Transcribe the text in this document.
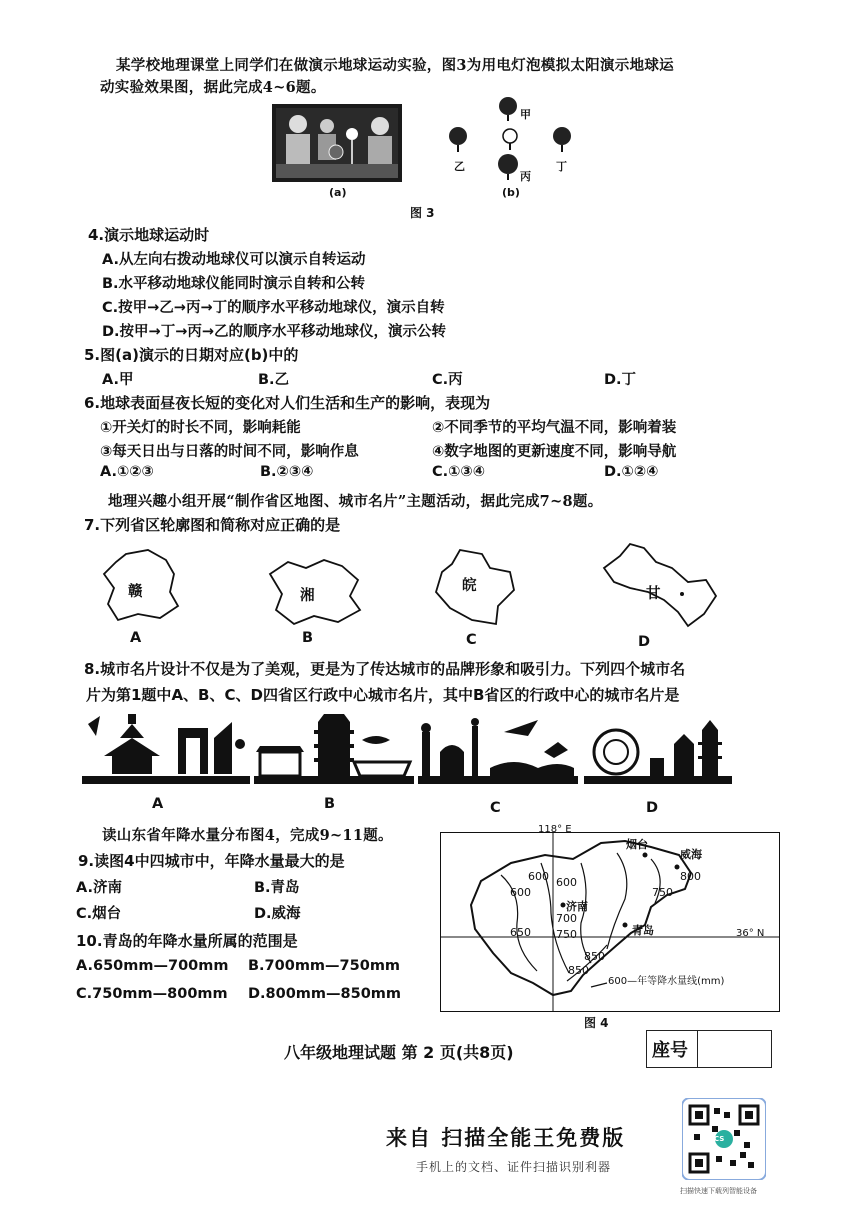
某学校地理课堂上同学们在做演示地球运动实验，图3为用电灯泡模拟太阳演示地球运
动实验效果图，据此完成4~6题。
(a)
甲
乙
丙
丁
(b)
图 3
4.演示地球运动时
A.从左向右拨动地球仪可以演示自转运动
B.水平移动地球仪能同时演示自转和公转
C.按甲→乙→丙→丁的顺序水平移动地球仪，演示自转
D.按甲→丁→丙→乙的顺序水平移动地球仪，演示公转
5.图(a)演示的日期对应(b)中的
A.甲	B.乙	C.丙	D.丁
6.地球表面昼夜长短的变化对人们生活和生产的影响，表现为
①开关灯的时长不同，影响耗能	②不同季节的平均气温不同，影响着装
③每天日出与日落的时间不同，影响作息	④数字地图的更新速度不同，影响导航
A.①②③	B.②③④	C.①③④	D.①②④
地理兴趣小组开展“制作省区地图、城市名片”主题活动，据此完成7~8题。
7.下列省区轮廓图和简称对应正确的是
赣
A
湘
B
皖
C
甘
D
8.城市名片设计不仅是为了美观，更是为了传达城市的品牌形象和吸引力。下列四个城市名
片为第1题中A、B、C、D四省区行政中心城市名片，其中B省区的行政中心的城市名片是
A	B	C	D
读山东省年降水量分布图4，完成9~11题。
9.读图4中四城市中，年降水量最大的是
A.济南	B.青岛
C.烟台	D.威海
10.青岛的年降水量所属的范围是
A.650mm—700mm B.700mm—750mm
C.750mm—800mm D.800mm—850mm
118° E
36° N
烟台
威海
济南
青岛
600 600
600
650
700
750
800
750
850
850
600—年等降水量线(mm)
图 4
八年级地理试题 第 2 页(共8页)	座号
来自 扫描全能王免费版
手机上的文档、证件扫描识别利器
CS
扫描快速下载列智能设备
